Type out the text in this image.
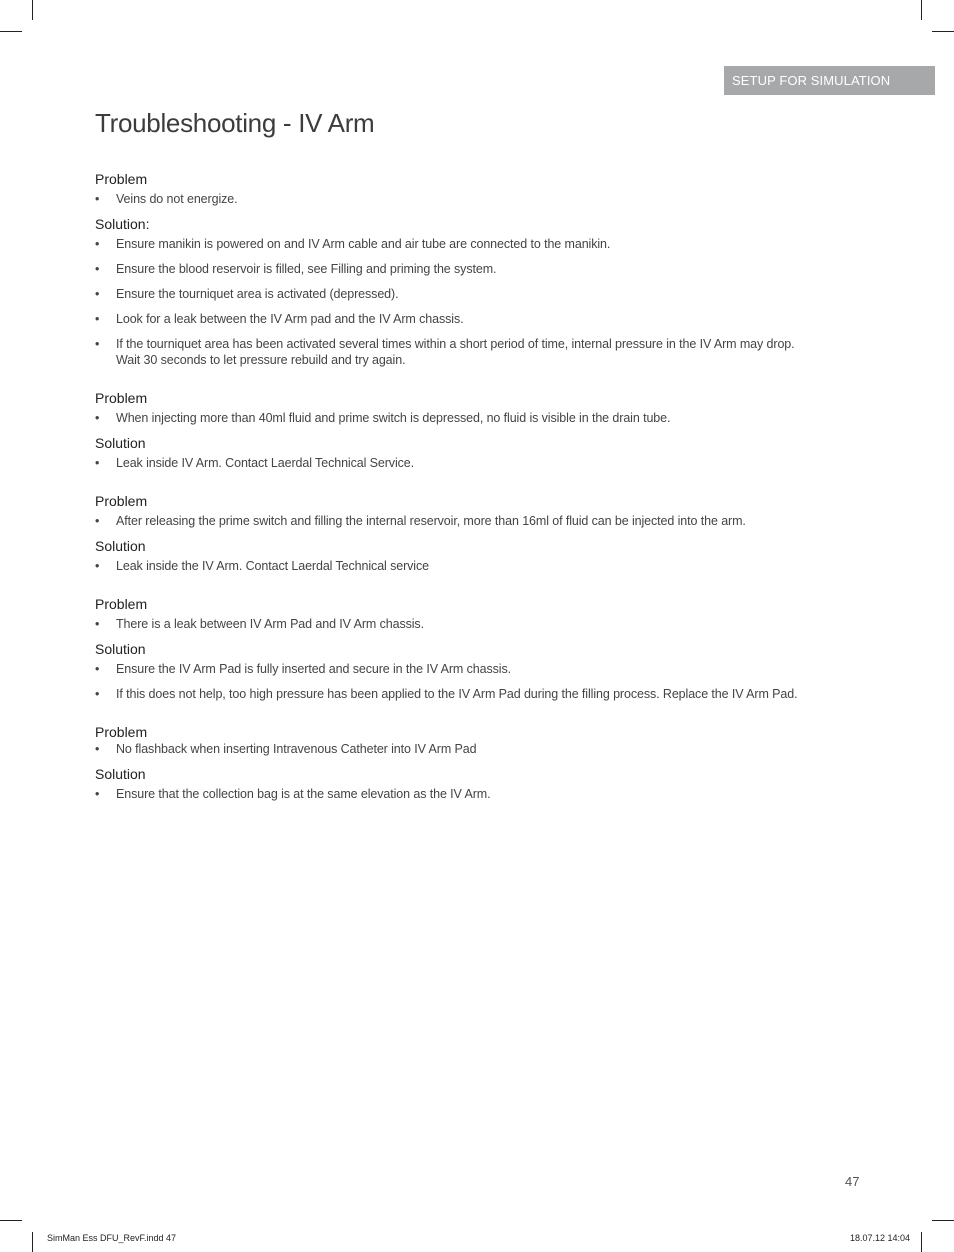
SETUP FOR SIMULATION
Troubleshooting - IV Arm
Problem
• Veins do not energize.
Solution:
• Ensure manikin is powered on and IV Arm cable and air tube are connected to the manikin.
• Ensure the blood reservoir is filled, see Filling and priming the system.
• Ensure the tourniquet area is activated (depressed).
• Look for a leak between the IV Arm pad and the IV Arm chassis.
• If the tourniquet area has been activated several times within a short period of time, internal pressure in the IV Arm may drop. Wait 30 seconds to let pressure rebuild and try again.
Problem
• When injecting more than 40ml fluid and prime switch is depressed, no fluid is visible in the drain tube.
Solution
• Leak inside IV Arm. Contact Laerdal Technical Service.
Problem
• After releasing the prime switch and filling the internal reservoir, more than 16ml of fluid can be injected into the arm.
Solution
• Leak inside the IV Arm. Contact Laerdal Technical service
Problem
• There is a leak between IV Arm Pad and IV Arm chassis.
Solution
• Ensure the IV Arm Pad is fully inserted and secure in the IV Arm chassis.
• If this does not help, too high pressure has been applied to the IV Arm Pad during the filling process. Replace the IV Arm Pad.
Problem
• No flashback when inserting Intravenous Catheter into IV Arm Pad
Solution
• Ensure that the collection bag is at the same elevation as the IV Arm.
47
SimMan Ess DFU_RevF.indd 47	18.07.12 14:04
